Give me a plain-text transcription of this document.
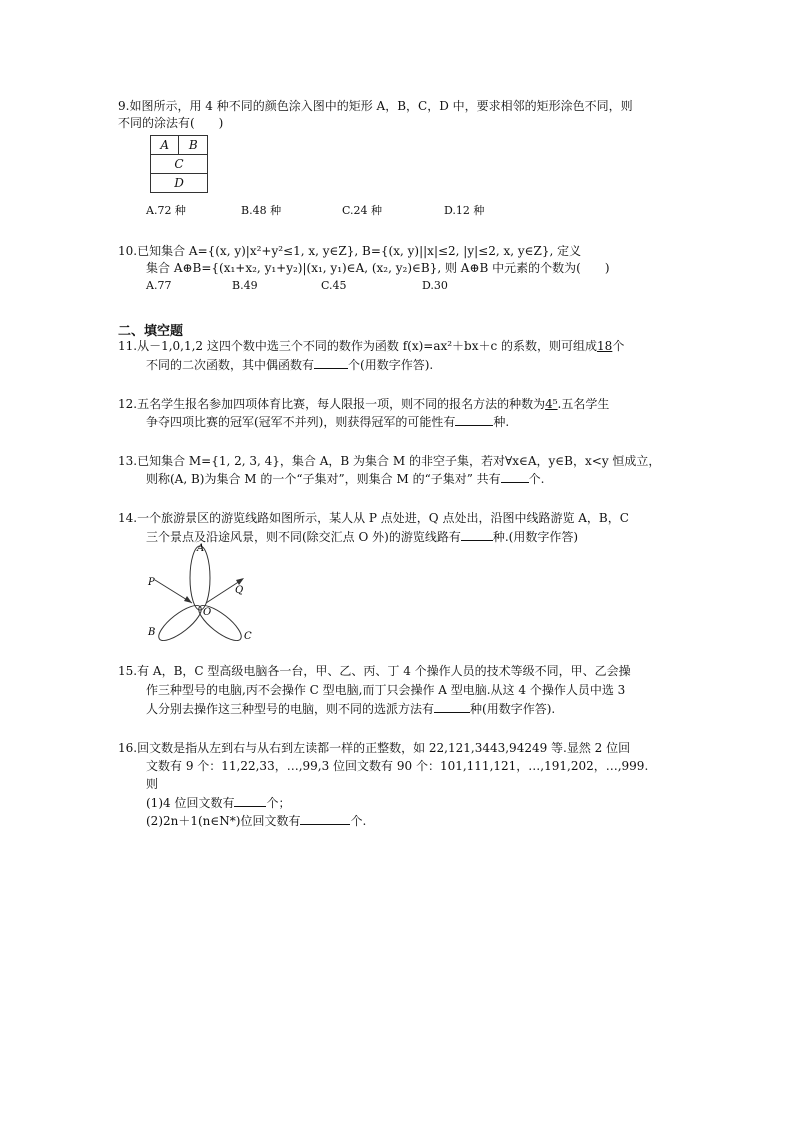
9.如图所示，用 4 种不同的颜色涂入图中的矩形 A，B，C，D 中，要求相邻的矩形涂色不同，则
不同的涂法有(　　)
A	B
C
D
A.72 种	B.48 种	C.24 种	D.12 种
10.已知集合 A={(x, y)|x²+y²≤1, x, y∈Z}, B={(x, y)||x|≤2, |y|≤2, x, y∈Z}, 定义
集合 A⊕B={(x₁+x₂, y₁+y₂)|(x₁, y₁)∈A, (x₂, y₂)∈B}, 则 A⊕B 中元素的个数为(　　)
A.77	B.49	C.45	D.30
二、填空题
11.从－1,0,1,2 这四个数中选三个不同的数作为函数 f(x)=ax²＋bx＋c 的系数，则可组成18个
不同的二次函数，其中偶函数有	个(用数字作答).
12.五名学生报名参加四项体育比赛，每人限报一项，则不同的报名方法的种数为4⁵.五名学生
争夺四项比赛的冠军(冠军不并列)，则获得冠军的可能性有	种.
13.已知集合 M={1, 2, 3, 4}，集合 A，B 为集合 M 的非空子集，若对∀x∈A，y∈B，x<y 恒成立，
则称(A, B)为集合 M 的一个“子集对”，则集合 M 的“子集对” 共有 个.
14.一个旅游景区的游览线路如图所示，某人从 P 点处进，Q 点处出，沿图中线路游览 A，B，C
三个景点及沿途风景，则不同(除交汇点 O 外)的游览线路有	种.(用数字作答)
A
B	C
O
P
Q
15.有 A，B，C 型高级电脑各一台，甲、乙、丙、丁 4 个操作人员的技术等级不同，甲、乙会操
作三种型号的电脑,丙不会操作 C 型电脑,而丁只会操作 A 型电脑.从这 4 个操作人员中选 3
人分别去操作这三种型号的电脑，则不同的选派方法有	种(用数字作答).
16.回文数是指从左到右与从右到左读都一样的正整数，如 22,121,3443,94249 等.显然 2 位回
文数有 9 个：11,22,33，…,99,3 位回文数有 90 个：101,111,121，…,191,202，…,999.
则
(1)4 位回文数有	个；
(2)2n＋1(n∈N*)位回文数有	个.
